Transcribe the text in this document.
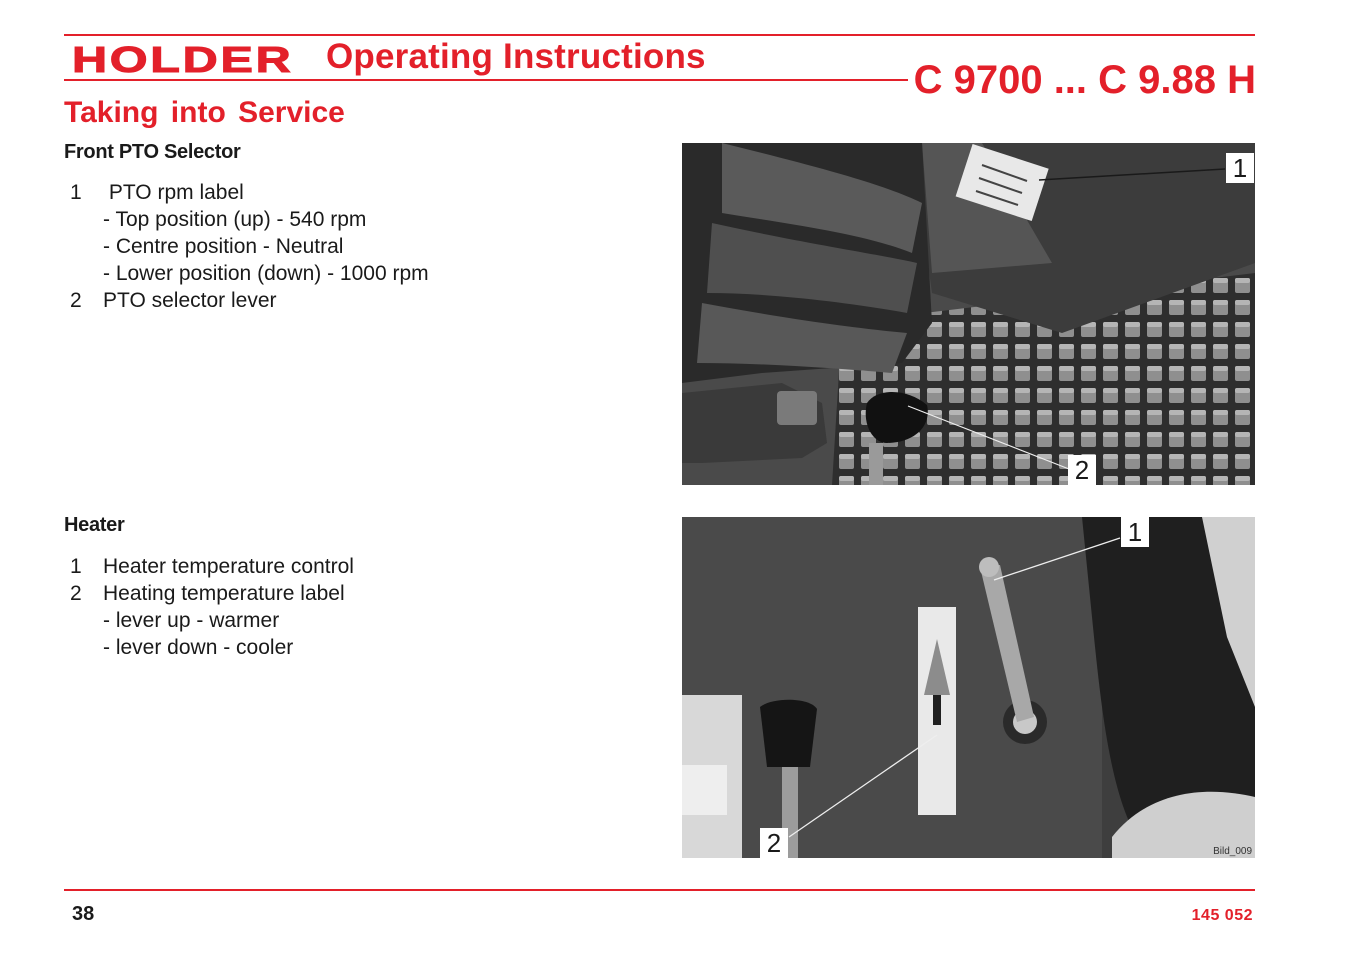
HOLDER Operating Instructions
C 9700 ... C 9.88 H
Taking into Service
Front PTO Selector
1	PTO rpm label
- Top position (up) - 540 rpm
- Centre position - Neutral
- Lower position (down) - 1000 rpm
2	PTO selector lever
1
2
Heater
1	Heater temperature control
2	Heating temperature label
- lever up - warmer
- lever down - cooler
1
2	Bild_009
38	145 052
